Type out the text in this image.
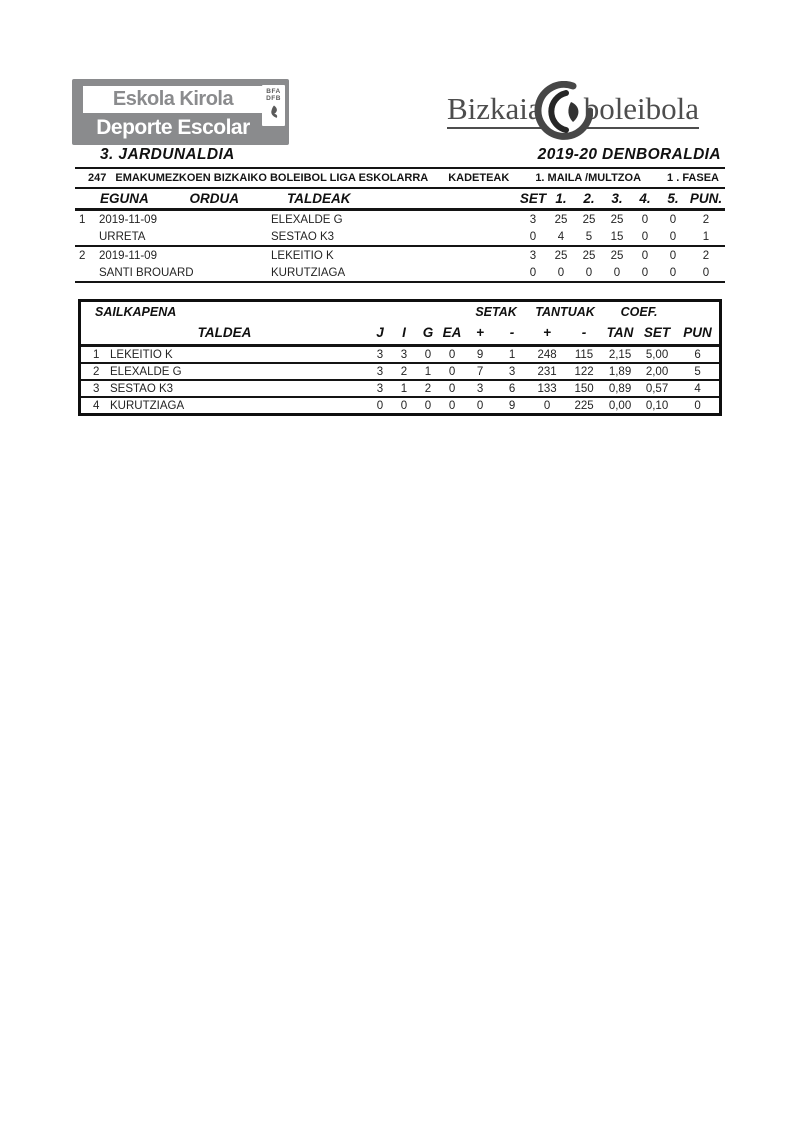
Eskola Kirola
Deporte Escolar
BFA
DFB	Bizkaia boleibola
3. JARDUNALDIA	2019-20 DENBORALDIA
247 EMAKUMEZKOEN BIZKAIKO BOLEIBOL LIGA ESKOLARRA KADETEAK 1. MAILA /MULTZOA 1 . FASEA

	EGUNA ORDUA	TALDEAK	SET	1.	2.	3.	4.	5.	PUN.
1	2019-11-09	ELEXALDE G	3	25	25	25	0	0	2
	URRETA	SESTAO K3	0	4	5	15	0	0	1
2	2019-11-09	LEKEITIO K	3	25	25	25	0	0	2
	SANTI BROUARD	KURUTZIAGA	0	0	0	0	0	0	0
SAILKAPENA					SETAK		TANTUAK		COEF.		
TALDEA	J	I	G	EA	+	-	+	-	TAN	SET	PUN
1 LEKEITIO K	3	3	0	0	9	1	248	115	2,15	5,00	6
2 ELEXALDE G	3	2	1	0	7	3	231	122	1,89	2,00	5
3 SESTAO K3	3	1	2	0	3	6	133	150	0,89	0,57	4
4 KURUTZIAGA	0	0	0	0	0	9	0	225	0,00	0,10	0
